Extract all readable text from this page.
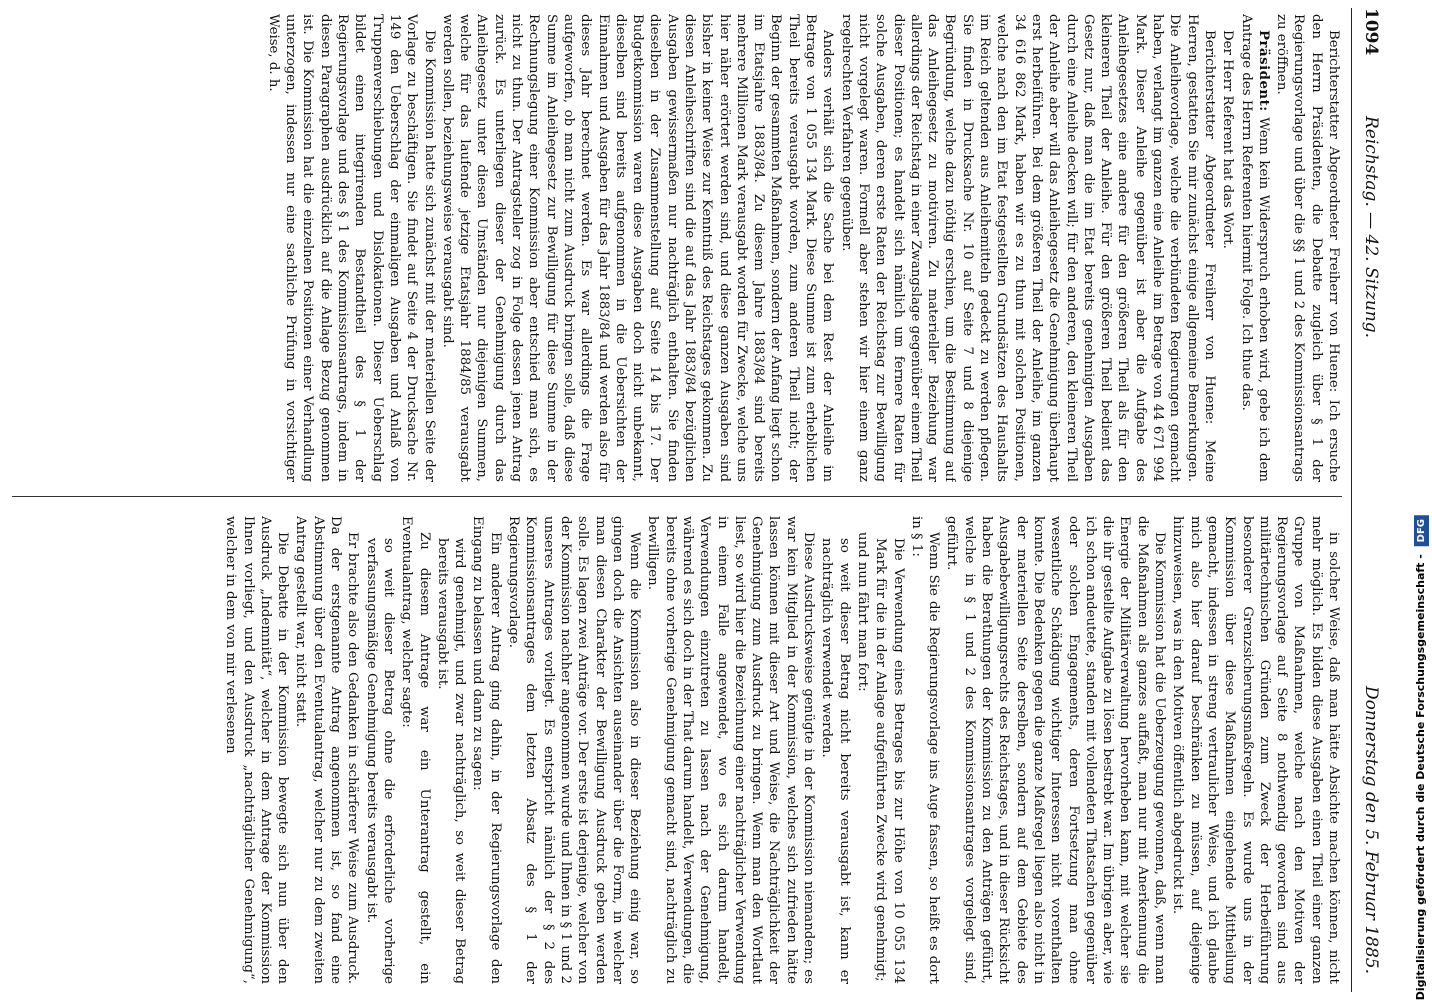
1094
Reichstag. — 42. Sitzung.
Donnerstag den 5. Februar 1885.

Berichterstatter Abgeordneter Freiherr von Huene: Ich ersuche den Herrn Präsidenten, die Debatte zugleich über § 1 der Regierungsvorlage und über die §§ 1 und 2 des Kommissionsantrags zu eröffnen.

Präsident: Wenn kein Widerspruch erhoben wird, gebe ich dem Antrage des Herrn Referenten hiermit Folge. Ich thue das.

Der Herr Referent hat das Wort.

Berichterstatter Abgeordneter Freiherr von Huene: Meine Herren, gestatten Sie mir zunächst einige allgemeine Bemerkungen. Die Anleihevorlage, welche die verbündeten Regierungen gemacht haben, verlangt im ganzen eine Anleihe im Betrage von 44 671 994 Mark. Dieser Anleihe gegenüber ist aber die Aufgabe des Anleihegesetzes eine andere für den größeren Theil als für den kleineren Theil der Anleihe. Für den größeren Theil bedient das Gesetz nur, daß man die im Etat bereits genehmigten Ausgaben durch eine Anleihe decken will; für den anderen, den kleineren Theil der Anleihe aber will das Anleihegesetz die Genehmigung überhaupt erst herbeiführen. Bei dem größeren Theil der Anleihe, im ganzen 34 616 862 Mark, haben wir es zu thun mit solchen Positionen, welche nach den im Etat festgestellten Grundsätzen des Haushalts im Reich geltenden aus Anleihemitteln gedeckt zu werden pflegen. Sie finden in Drucksache Nr. 10 auf Seite 7 und 8 diejenige Begründung, welche dazu nöthig erschien, um die Bestimmung auf das Anleihegesetz zu motiviren. Zu materieller Beziehung war allerdings der Reichstag in einer Zwangslage gegenüber einem Theil dieser Positionen; es handelt sich nämlich um fernere Raten für solche Ausgaben, deren erste Raten der Reichstag zur Bewilligung nicht vorgelegt waren. Formell aber stehen wir hier einem ganz regelrechten Verfahren gegenüber.

Anders verhält sich die Sache bei dem Rest der Anleihe im Betrage von 1 055 134 Mark. Diese Summe ist zum erheblichen Theil bereits verausgabt worden, zum anderen Theil nicht; der Beginn der gesammten Maßnahmen, sondern der Anfang liegt schon im Etatsjahre 1883/84. Zu diesem Jahre 1883/84 sind bereits mehrere Millionen Mark verausgabt worden für Zwecke, welche uns hier näher erörtert werden sind, und diese ganzen Ausgaben sind bisher in keiner Weise zur Kenntniß des Reichstages gekommen. Zu diesen Anleiheschriften sind die auf das Jahr 1883/84 bezüglichen Ausgaben gewissermaßen nur nachträglich enthalten. Sie finden dieselben in der Zusammenstellung auf Seite 14 bis 17. Der Budgetkommission waren diese Ausgaben doch nicht unbekannt, dieselben sind bereits aufgenommen in die Uebersichten der Einnahmen und Ausgaben für das Jahr 1883/84 und werden also für dieses Jahr berechnet werden. Es war allerdings die Frage aufgeworfen, ob man nicht zum Ausdruck bringen solle, daß diese Summe im Anleihegesetz zur Bewilligung für diese Summe in der Rechnungslegung einer Kommission aber entschied man sich, es nicht zu thun. Der Antragsteller zog in Folge dessen jenen Antrag zurück. Es unterliegen dieser der Genehmigung durch das Anleihegesetz unter diesen Umständen nur diejenigen Summen, welche für das laufende jetzige Etatsjahr 1884/85 verausgabt werden sollen, beziehungsweise verausgabt sind.

Die Kommission hatte sich zunächst mit der materiellen Seite der Vorlage zu beschäftigen. Sie findet auf Seite 4 der Drucksache Nr. 149 den Ueberschlag der einmaligen Ausgaben und Anlaß von Truppenverschiebungen und Dislokationen. Dieser Ueberschlag bildet einen integrirenden Bestandtheil des § 1 der Regierungsvorlage und des § 1 des Kommissionsantrags, indem in diesen Paragraphen ausdrücklich auf die Anlage Bezug genommen ist. Die Kommission hat die einzelnen Positionen einer Verhandlung unterzogen, indessen nur eine sachliche Prüfung in vorsichtiger Weise, d. h.

in solcher Weise, daß man hätte Absichte machen können, nicht mehr möglich. Es bilden diese Ausgaben einen Theil einer ganzen Gruppe von Maßnahmen, welche nach den Motiven der Regierungsvorlage auf Seite 8 nothwendig geworden sind aus militärtechnischen Gründen zum Zweck der Herbeiführung besonderer Grenzsicherungsmaßregeln. Es wurde uns in der Kommission über diese Maßnahmen eingehende Mittheilung gemacht, indessen in streng vertraulicher Weise, und ich glaube mich also hier darauf beschränken zu müssen, auf diejenige hinzuweisen, was in den Motiven öffentlich abgedruckt ist.

Die Kommission hat die Ueberzeugung gewonnen, daß, wenn man die Maßnahmen als ganzes auffaßt, man nur mit Anerkennung die Energie der Militärverwaltung hervorheben kann, mit welcher sie die ihr gestellte Aufgabe zu lösen bestrebt war. Im übrigen aber, wie ich schon andeutete, standen mit vollendeten Thatsachen gegenüber oder solchen Engagements, deren Fortsetzung man ohne wesentliche Schädigung wichtiger Interessen nicht vorenthalten konnte. Die Bedenken gegen die ganze Maßregel liegen also nicht in der materiellen Seite derselben, sondern auf dem Gebiete des Ausgabebewilligungsrechts des Reichstages, und in dieser Rücksicht haben die Berathungen der Kommission zu den Anträgen geführt, welche in § 1 und 2 des Kommissionsantrages vorgelegt sind, geführt.

Wenn Sie die Regierungsvorlage ins Auge fassen, so heißt es dort in § 1:

Die Verwendung eines Betrages bis zur Höhe von 10 055 134 Mark für die in der Anlage aufgeführten Zwecke wird genehmigt;

und nun fährt man fort:

so weit dieser Betrag nicht bereits verausgabt ist, kann er nachträglich verwendet werden.

Diese Ausdrucksweise genügte in der Kommission niemandem; es war kein Mitglied in der Kommission, welches sich zufrieden hätte lassen können mit dieser Art und Weise, die Nachträglichkeit der Genehmigung zum Ausdruck zu bringen. Wenn man den Wortlaut liest, so wird hier die Bezeichnung einer nachträglicher Verwendung in einem Falle angewendet, wo es sich darum handelt, Verwendungen einzutreten zu lassen nach der Genehmigung, während es sich doch in der That darum handelt, Verwendungen, die bereits ohne vorherige Genehmigung gemacht sind, nachträglich zu bewilligen.

Wenn die Kommission also in dieser Beziehung einig war, so gingen doch die Ansichten auseinander über die Form, in welcher man diesen Charakter der Bewilligung Ausdruck geben werden solle. Es lagen zwei Anträge vor. Der erste ist derjenige, welcher von der Kommission nachher angenommen wurde und Ihnen in § 1 und 2 unseres Antrages vorliegt. Es entspricht nämlich der § 2 des Kommissionsantrages dem letzten Absatz des § 1 der Regierungsvorlage.

Ein anderer Antrag ging dahin, in der Regierungsvorlage den Eingang zu belassen und dann zu sagen:

wird genehmigt, und zwar nachträglich, so weit dieser Betrag bereits verausgabt ist.

Zu diesem Antrage war ein Unterantrag gestellt, ein Eventualantrag, welcher sagte:

so weit dieser Betrag ohne die erforderliche vorherige verfassungsmäßige Genehmigung bereits verausgabt ist.

Er brachte also den Gedanken in schärferer Weise zum Ausdruck. Da der erstgenannte Antrag angenommen ist, so fand eine Abstimmung über den Eventualantrag, welcher nur zu dem zweiten Antrag gestellt war, nicht statt.

Die Debatte in der Kommission bewegte sich nun über den Ausdruck „Indemnität“, welcher in dem Antrage der Kommission Ihnen vorliegt, und den Ausdruck „nachträglicher Genehmigung“, welcher in dem von mir verlesenen	Digitalisierung gefördert durch die Deutsche Forschungsgemeinschaft - DFG
